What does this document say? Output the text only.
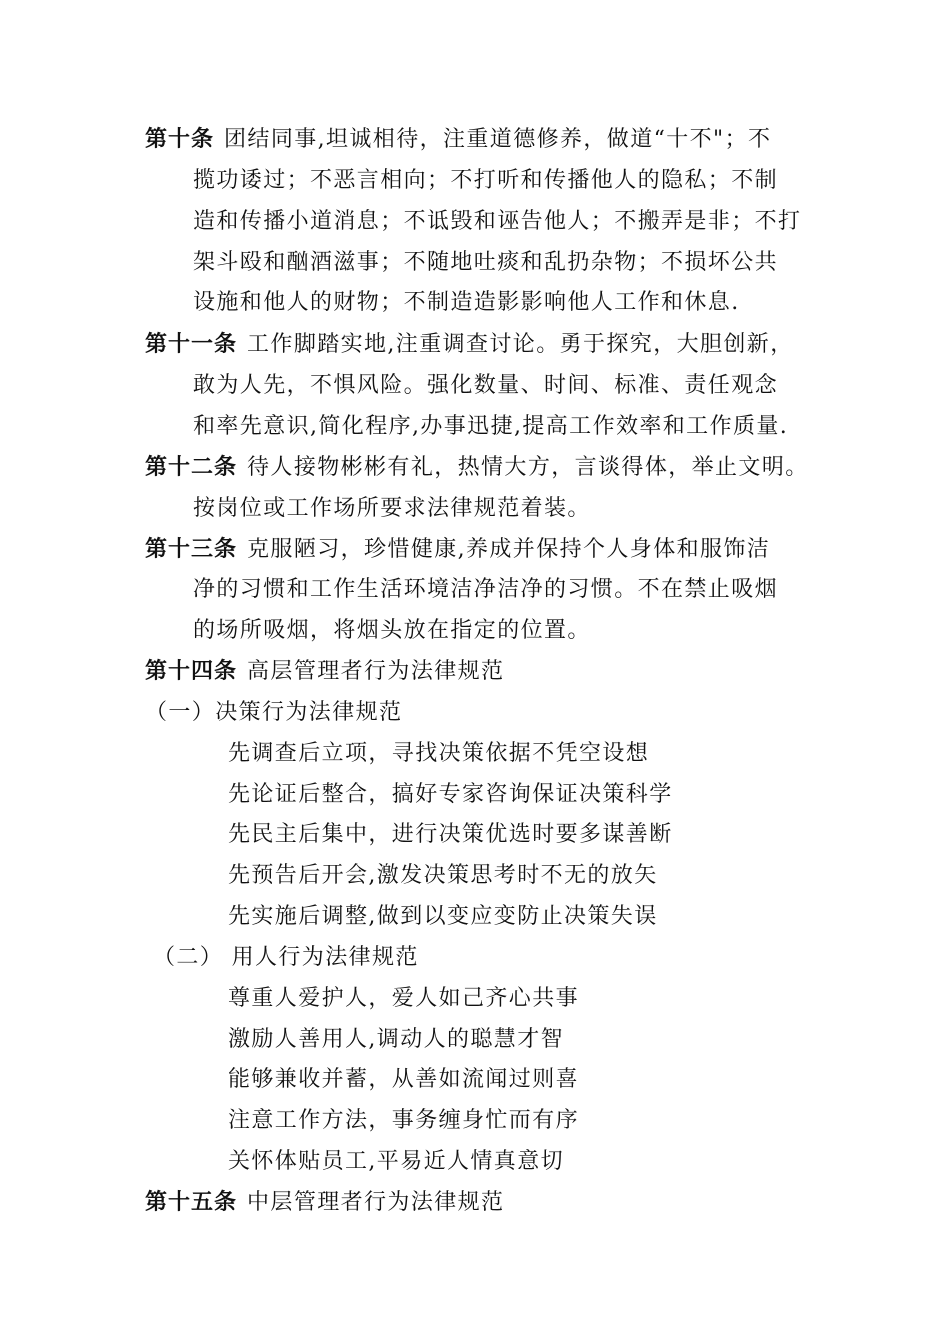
第十条 团结同事,坦诚相待，注重道德修养，做道“十不"；不
揽功诿过；不恶言相向；不打听和传播他人的隐私；不制
造和传播小道消息；不诋毁和诬告他人；不搬弄是非；不打
架斗殴和酗酒滋事；不随地吐痰和乱扔杂物；不损坏公共
设施和他人的财物；不制造造影影响他人工作和休息.
第十一条 工作脚踏实地,注重调查讨论。勇于探究，大胆创新，
敢为人先，不惧风险。强化数量、时间、标准、责任观念
和率先意识,简化程序,办事迅捷,提高工作效率和工作质量.
第十二条 待人接物彬彬有礼，热情大方，言谈得体，举止文明。
按岗位或工作场所要求法律规范着装。
第十三条 克服陋习，珍惜健康,养成并保持个人身体和服饰洁
净的习惯和工作生活环境洁净洁净的习惯。不在禁止吸烟
的场所吸烟，将烟头放在指定的位置。
第十四条 高层管理者行为法律规范
（一）决策行为法律规范
先调查后立项，寻找决策依据不凭空设想
先论证后整合，搞好专家咨询保证决策科学
先民主后集中，进行决策优选时要多谋善断
先预告后开会,激发决策思考时不无的放矢
先实施后调整,做到以变应变防止决策失误
（二） 用人行为法律规范
尊重人爱护人，爱人如己齐心共事
激励人善用人,调动人的聪慧才智
能够兼收并蓄，从善如流闻过则喜
注意工作方法，事务缠身忙而有序
关怀体贴员工,平易近人情真意切
第十五条 中层管理者行为法律规范
